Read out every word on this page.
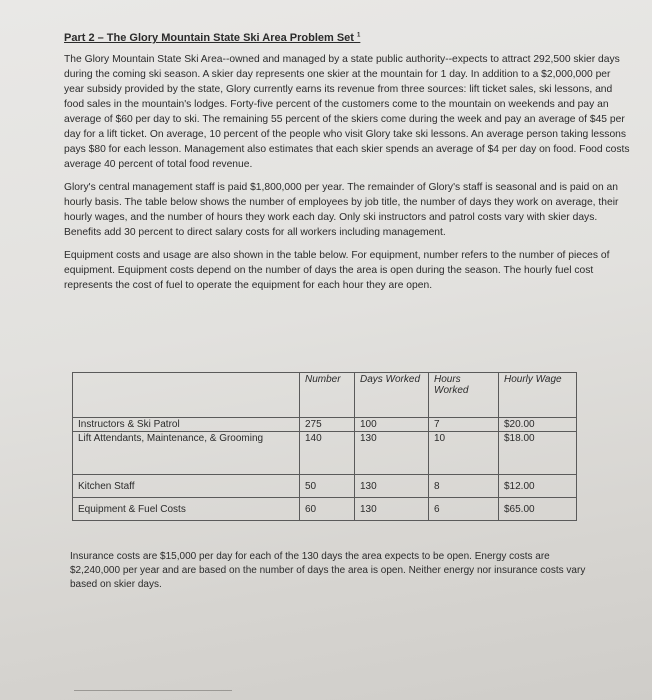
Part 2 – The Glory Mountain State Ski Area Problem Set $^1$

The Glory Mountain State Ski Area--owned and managed by a state public authority--expects to attract 292,500 skier days during the coming ski season. A skier day represents one skier at the mountain for 1 day. In addition to a $2,000,000 per year subsidy provided by the state, Glory currently earns its revenue from three sources: lift ticket sales, ski lessons, and food sales in the mountain's lodges. Forty-five percent of the customers come to the mountain on weekends and pay an average of $60 per day to ski. The remaining 55 percent of the skiers come during the week and pay an average of $45 per day for a lift ticket. On average, 10 percent of the people who visit Glory take ski lessons. An average person taking lessons pays $80 for each lesson. Management also estimates that each skier spends an average of $4 per day on food. Food costs average 40 percent of total food revenue.

Glory's central management staff is paid $1,800,000 per year. The remainder of Glory's staff is seasonal and is paid on an hourly basis. The table below shows the number of employees by job title, the number of days they work on average, their hourly wages, and the number of hours they work each day. Only ski instructors and patrol costs vary with skier days. Benefits add 30 percent to direct salary costs for all workers including management.

Equipment costs and usage are also shown in the table below. For equipment, number refers to the number of pieces of equipment. Equipment costs depend on the number of days the area is open during the season. The hourly fuel cost represents the cost of fuel to operate the equipment for each hour they are open.

	Number	Days Worked	Hours Worked	Hourly Wage
Instructors & Ski Patrol	275	100	7	$20.00
Lift Attendants, Maintenance, & Grooming	140	130	10	$18.00
Kitchen Staff	50	130	8	$12.00
Equipment & Fuel Costs	60	130	6	$65.00
Insurance costs are $15,000 per day for each of the 130 days the area expects to be open. Energy costs are $2,240,000 per year and are based on the number of days the area is open. Neither energy nor insurance costs vary based on skier days.
